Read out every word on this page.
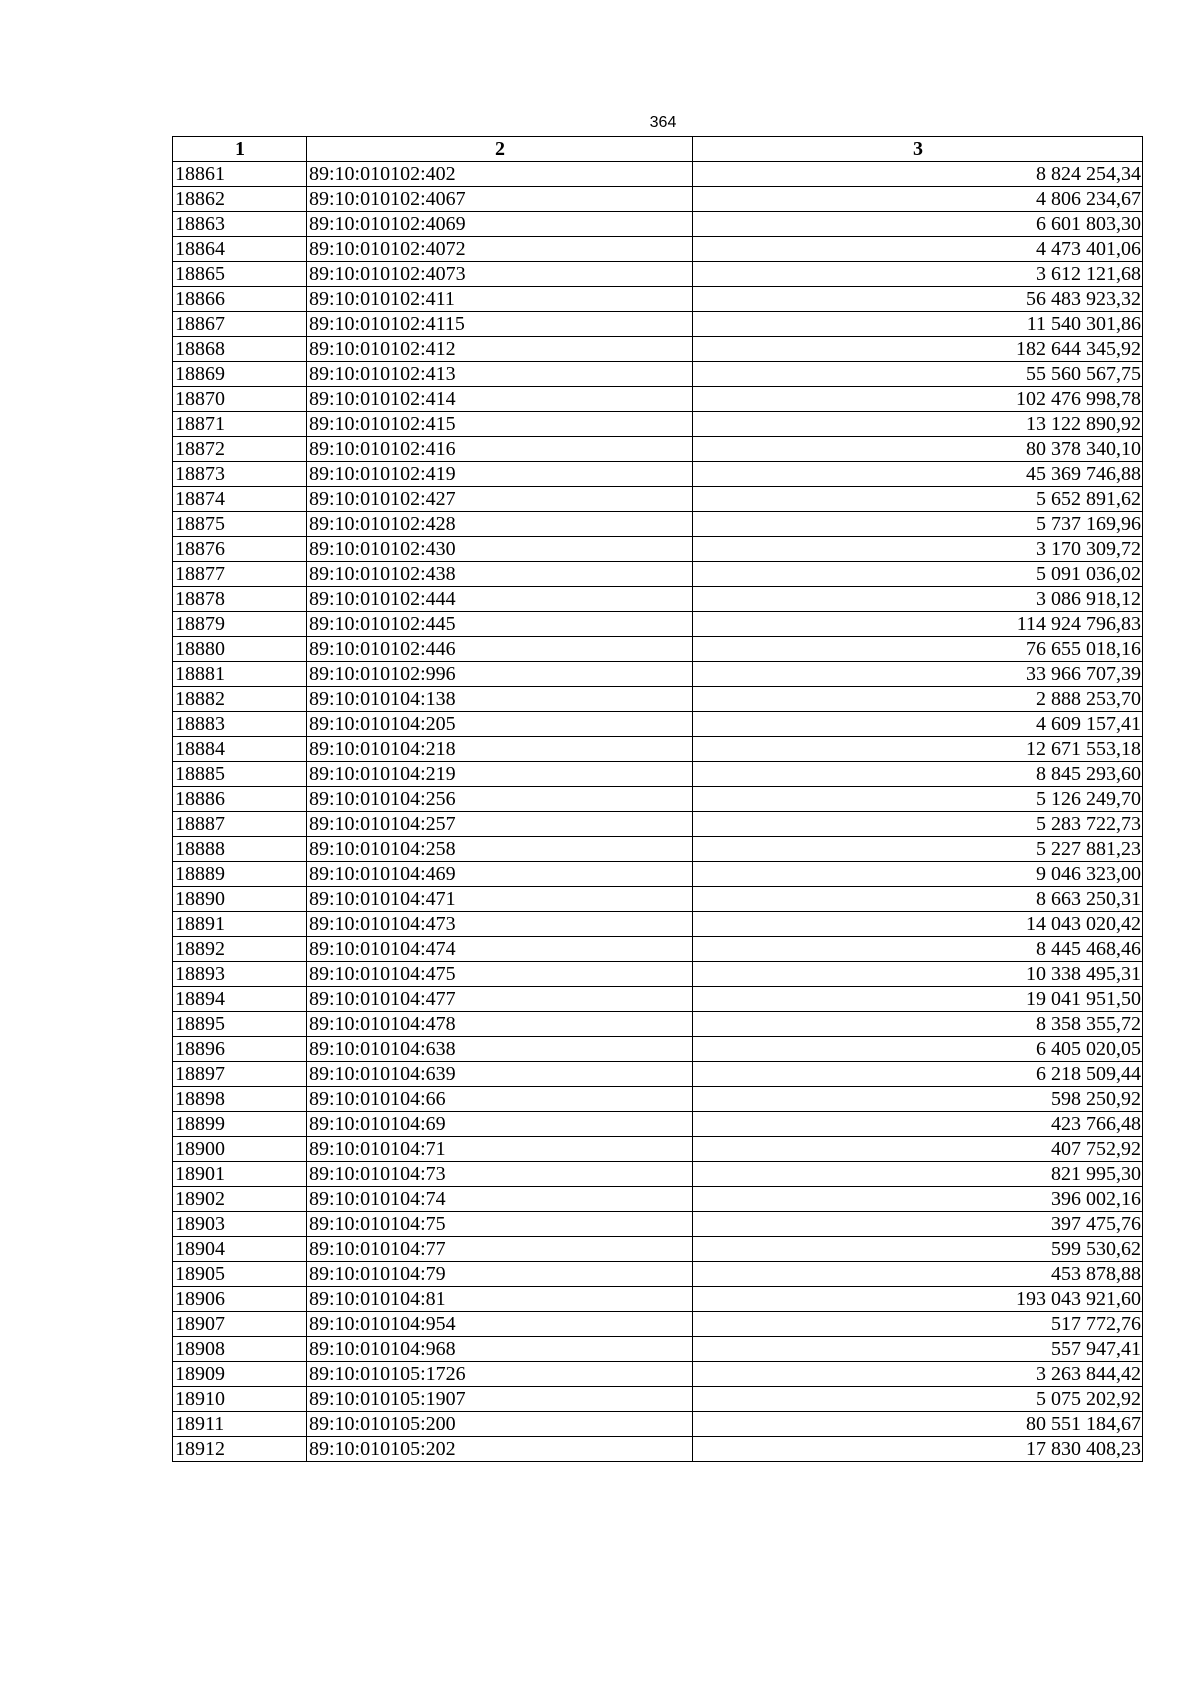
364
1	2	3
18861	89:10:010102:402	8 824 254,34
18862	89:10:010102:4067	4 806 234,67
18863	89:10:010102:4069	6 601 803,30
18864	89:10:010102:4072	4 473 401,06
18865	89:10:010102:4073	3 612 121,68
18866	89:10:010102:411	56 483 923,32
18867	89:10:010102:4115	11 540 301,86
18868	89:10:010102:412	182 644 345,92
18869	89:10:010102:413	55 560 567,75
18870	89:10:010102:414	102 476 998,78
18871	89:10:010102:415	13 122 890,92
18872	89:10:010102:416	80 378 340,10
18873	89:10:010102:419	45 369 746,88
18874	89:10:010102:427	5 652 891,62
18875	89:10:010102:428	5 737 169,96
18876	89:10:010102:430	3 170 309,72
18877	89:10:010102:438	5 091 036,02
18878	89:10:010102:444	3 086 918,12
18879	89:10:010102:445	114 924 796,83
18880	89:10:010102:446	76 655 018,16
18881	89:10:010102:996	33 966 707,39
18882	89:10:010104:138	2 888 253,70
18883	89:10:010104:205	4 609 157,41
18884	89:10:010104:218	12 671 553,18
18885	89:10:010104:219	8 845 293,60
18886	89:10:010104:256	5 126 249,70
18887	89:10:010104:257	5 283 722,73
18888	89:10:010104:258	5 227 881,23
18889	89:10:010104:469	9 046 323,00
18890	89:10:010104:471	8 663 250,31
18891	89:10:010104:473	14 043 020,42
18892	89:10:010104:474	8 445 468,46
18893	89:10:010104:475	10 338 495,31
18894	89:10:010104:477	19 041 951,50
18895	89:10:010104:478	8 358 355,72
18896	89:10:010104:638	6 405 020,05
18897	89:10:010104:639	6 218 509,44
18898	89:10:010104:66	598 250,92
18899	89:10:010104:69	423 766,48
18900	89:10:010104:71	407 752,92
18901	89:10:010104:73	821 995,30
18902	89:10:010104:74	396 002,16
18903	89:10:010104:75	397 475,76
18904	89:10:010104:77	599 530,62
18905	89:10:010104:79	453 878,88
18906	89:10:010104:81	193 043 921,60
18907	89:10:010104:954	517 772,76
18908	89:10:010104:968	557 947,41
18909	89:10:010105:1726	3 263 844,42
18910	89:10:010105:1907	5 075 202,92
18911	89:10:010105:200	80 551 184,67
18912	89:10:010105:202	17 830 408,23
